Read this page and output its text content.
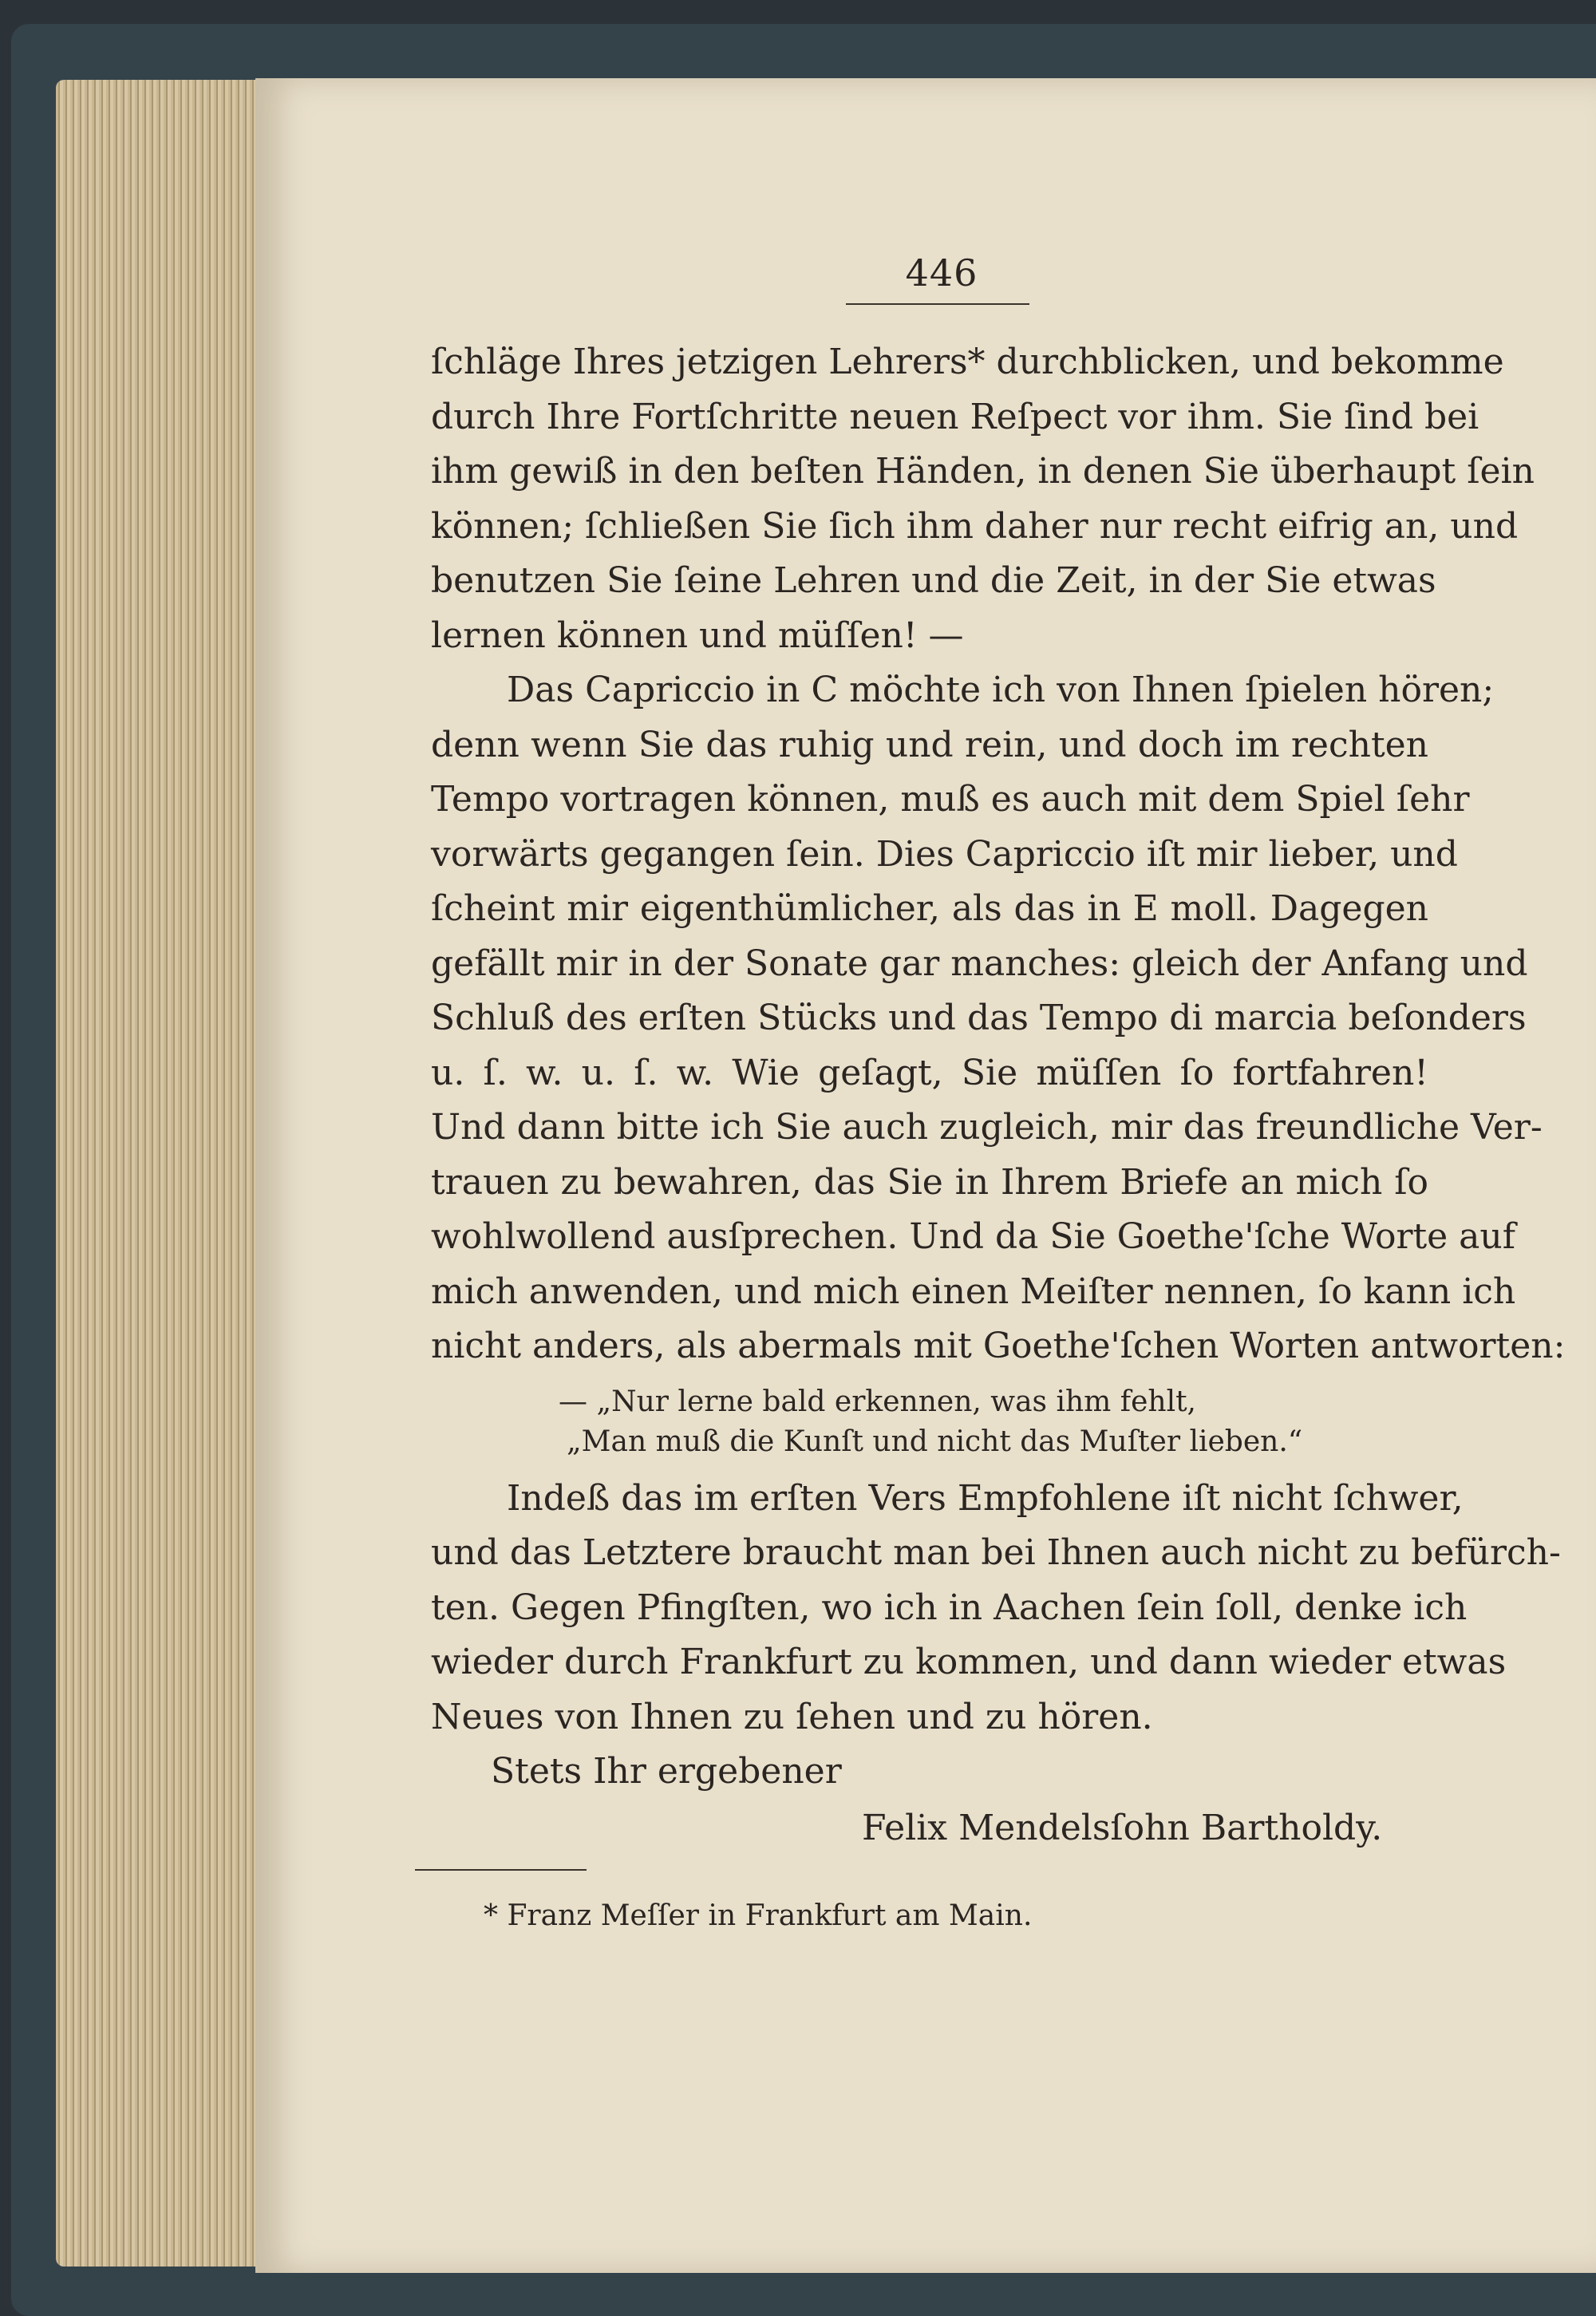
446
ſchläge Ihres jetzigen Lehrers* durchblicken, und bekomme
durch Ihre Fortſchritte neuen Reſpect vor ihm. Sie ſind bei
ihm gewiß in den beſten Händen, in denen Sie überhaupt ſein
können; ſchließen Sie ſich ihm daher nur recht eifrig an, und
benutzen Sie ſeine Lehren und die Zeit, in der Sie etwas
lernen können und müſſen! —
Das Capriccio in C möchte ich von Ihnen ſpielen hören;
denn wenn Sie das ruhig und rein, und doch im rechten
Tempo vortragen können, muß es auch mit dem Spiel ſehr
vorwärts gegangen ſein. Dies Capriccio iſt mir lieber, und
ſcheint mir eigenthümlicher, als das in E moll. Dagegen
gefällt mir in der Sonate gar manches: gleich der Anfang und
Schluß des erſten Stücks und das Tempo di marcia beſonders
u. ſ. w. u. ſ. w. Wie geſagt, Sie müſſen ſo fortfahren!
Und dann bitte ich Sie auch zugleich, mir das freundliche Ver-
trauen zu bewahren, das Sie in Ihrem Briefe an mich ſo
wohlwollend ausſprechen. Und da Sie Goethe'ſche Worte auf
mich anwenden, und mich einen Meiſter nennen, ſo kann ich
nicht anders, als abermals mit Goethe'ſchen Worten antworten:
— „Nur lerne bald erkennen, was ihm fehlt,
„Man muß die Kunſt und nicht das Muſter lieben.“
Indeß das im erſten Vers Empfohlene iſt nicht ſchwer,
und das Letztere braucht man bei Ihnen auch nicht zu befürch-
ten. Gegen Pfingſten, wo ich in Aachen ſein ſoll, denke ich
wieder durch Frankfurt zu kommen, und dann wieder etwas
Neues von Ihnen zu ſehen und zu hören.
Stets Ihr ergebener
Felix Mendelsſohn Bartholdy.
* Franz Meſſer in Frankfurt am Main.
